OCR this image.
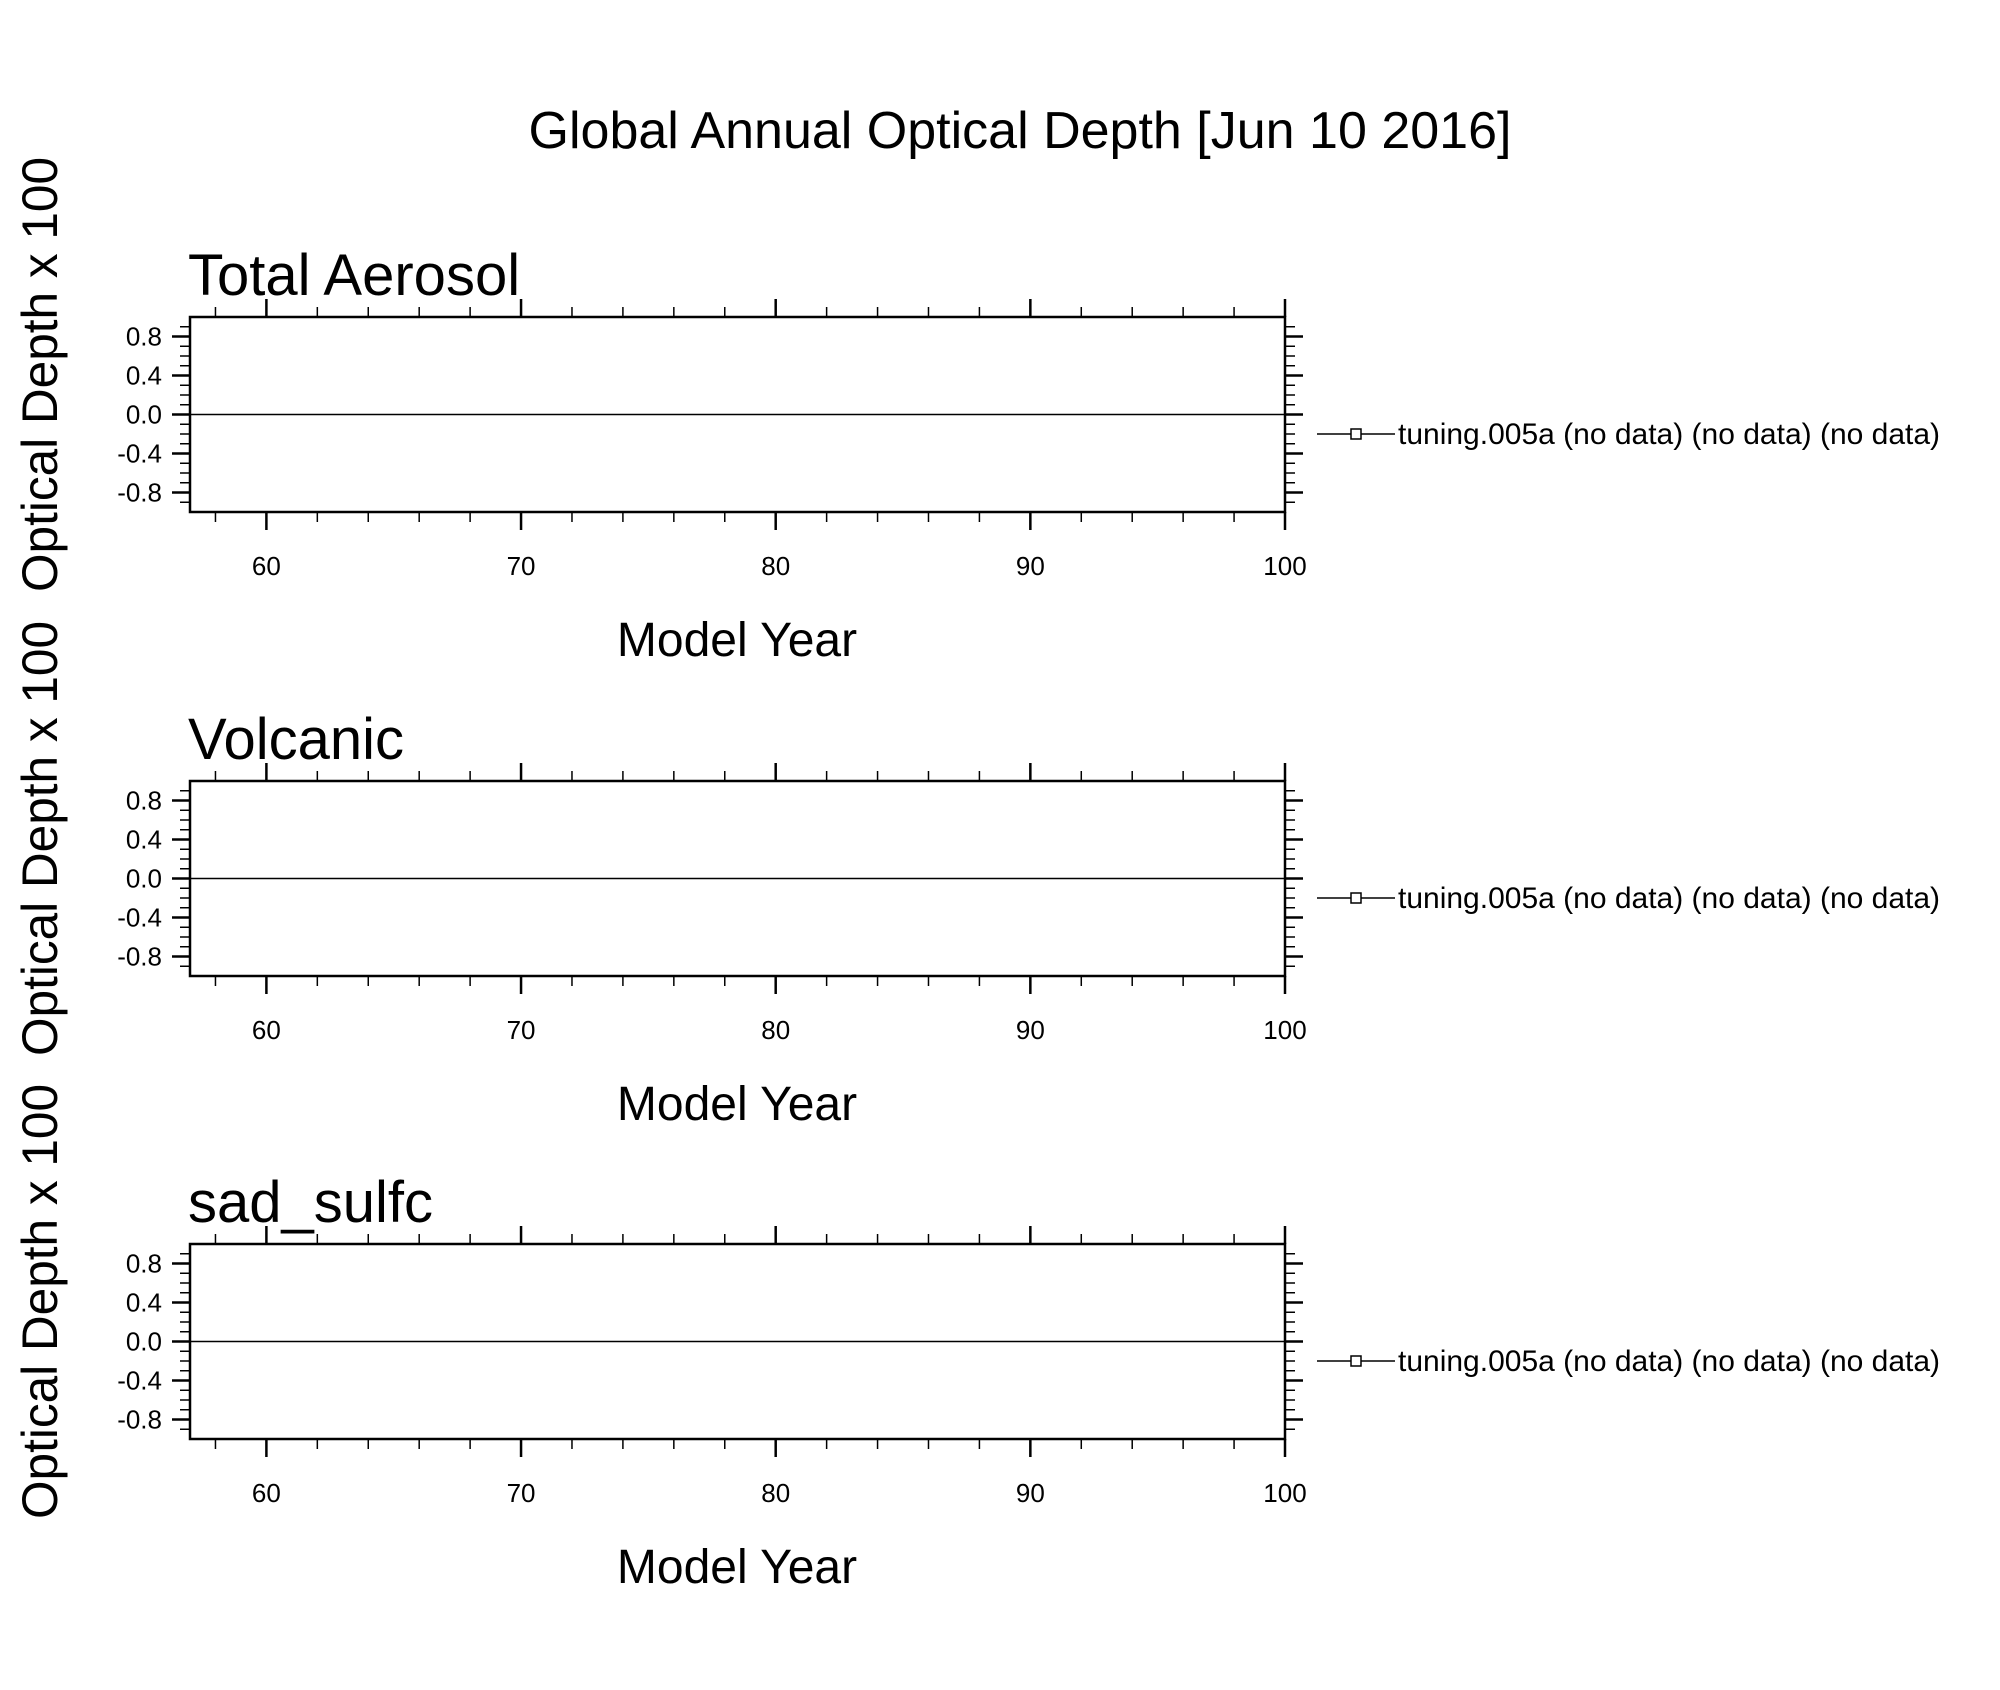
Global Annual Optical Depth [Jun 10 2016]
Total Aerosol
60	70	80	90	100
0.8
0.4
0.0
-0.4
-0.8
Model Year
Optical Depth x 100	tuning.005a (no data) (no data) (no data)
Volcanic
60	70	80	90	100
0.8
0.4
0.0
-0.4
-0.8
Model Year
Optical Depth x 100	tuning.005a (no data) (no data) (no data)
sad_sulfc
60	70	80	90	100
0.8
0.4
0.0
-0.4
-0.8
Model Year
Optical Depth x 100	tuning.005a (no data) (no data) (no data)
